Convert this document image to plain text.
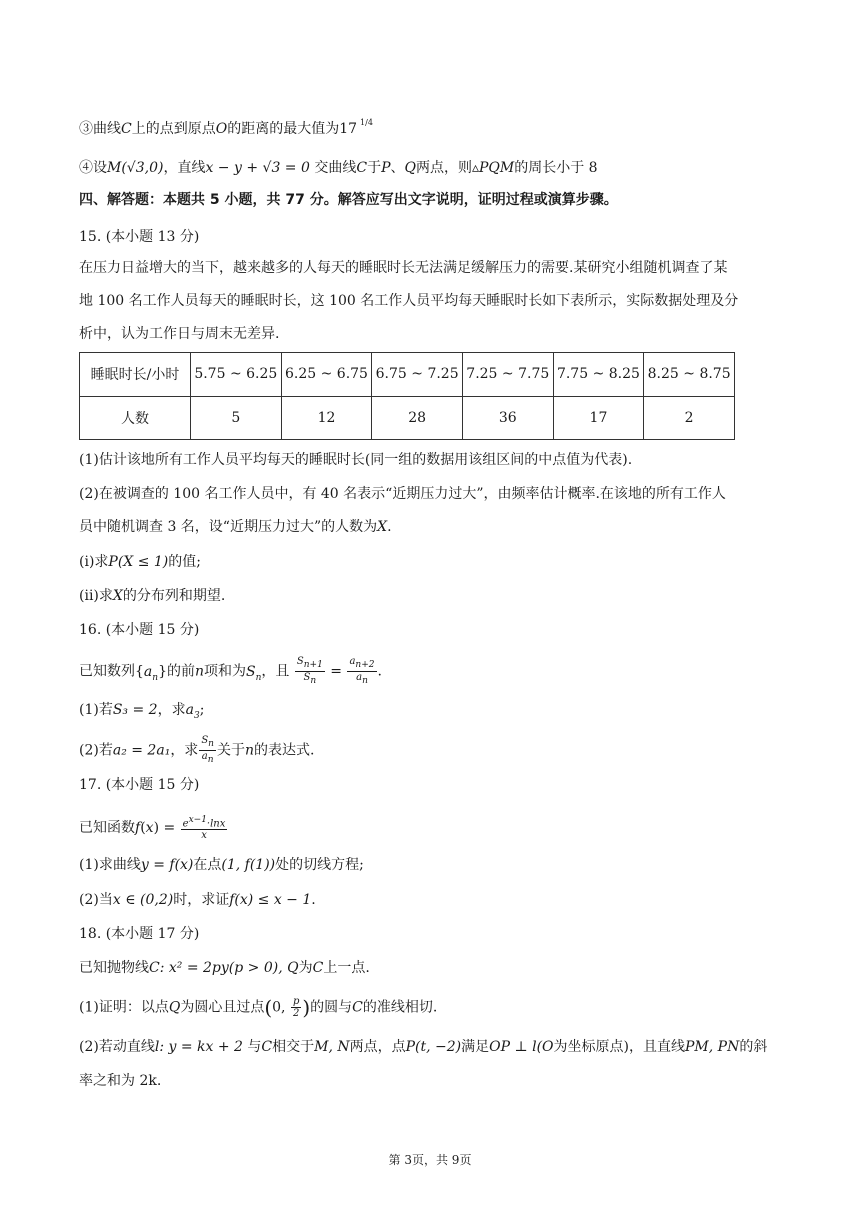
③曲线C上的点到原点O的距离的最大值为17 $^{1/4}$
④设M(√3,0)，直线x − y + √3 = 0 交曲线C于P、Q两点，则▵PQM的周长小于 8
四、解答题：本题共 5 小题，共 77 分。解答应写出文字说明，证明过程或演算步骤。
15. (本小题 13 分)
在压力日益增大的当下，越来越多的人每天的睡眠时长无法满足缓解压力的需要.某研究小组随机调查了某
地 100 名工作人员每天的睡眠时长，这 100 名工作人员平均每天睡眠时长如下表所示，实际数据处理及分
析中，认为工作日与周末无差异.
睡眠时长/小时	5.75 ~ 6.25	6.25 ~ 6.75	6.75 ~ 7.25	7.25 ~ 7.75	7.75 ~ 8.25	8.25 ~ 8.75
人数	5	12	28	36	17	2
(1)估计该地所有工作人员平均每天的睡眠时长(同一组的数据用该组区间的中点值为代表).
(2)在被调查的 100 名工作人员中，有 40 名表示“近期压力过大”，由频率估计概率.在该地的所有工作人
员中随机调查 3 名，设“近期压力过大”的人数为X.
(i)求P(X ≤ 1)的值;
(ii)求X的分布列和期望.
16. (本小题 15 分)
已知数列$\{a_n\}$的前n项和为$S_n$，且 $\frac{S_{n+1}}{S_n} = \frac{a_{n+2}}{a_n}$ .
(1)若S₃ = 2，求$a_3$;
(2)若a₂ = 2a₁，求 $\frac{S_n}{a_n}$ 关于n的表达式.
17. (本小题 15 分)
已知函数$f(x) = \frac{e^{x-1}\cdot\ln x}{x}$
(1)求曲线y = f(x)在点(1, f(1))处的切线方程;
(2)当x ∈ (0,2)时，求证f(x) ≤ x − 1.
18. (本小题 17 分)
已知抛物线C: x² = 2py(p > 0), Q为C上一点.
(1)证明：以点Q为圆心且过点(0, $\frac{p}{2}$ )的圆与C的准线相切.
(2)若动直线l: y = kx + 2 与C相交于M, N两点，点P(t, −2)满足OP ⊥ l(O为坐标原点)，且直线PM, PN的斜
率之和为 2k.
第 3页，共 9页
